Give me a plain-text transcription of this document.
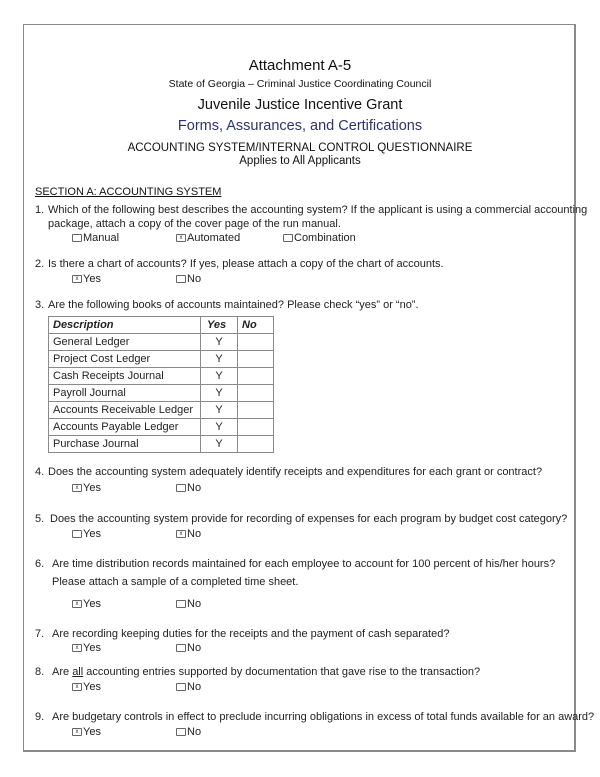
Attachment A-5
State of Georgia – Criminal Justice Coordinating Council
Juvenile Justice Incentive Grant
Forms, Assurances, and Certifications
ACCOUNTING SYSTEM/INTERNAL CONTROL QUESTIONNAIRE
Applies to All Applicants
SECTION A: ACCOUNTING SYSTEM
1. Which of the following best describes the accounting system? If the applicant is using a commercial accounting
package, attach a copy of the cover page of the run manual.
Manual	x Automated	Combination
2. Is there a chart of accounts? If yes, please attach a copy of the chart of accounts.
x Yes	No
3. Are the following books of accounts maintained? Please check “yes” or “no”.
Description	Yes	No
General Ledger	Y	
Project Cost Ledger	Y	
Cash Receipts Journal	Y	
Payroll Journal	Y	
Accounts Receivable Ledger	Y	
Accounts Payable Ledger	Y	
Purchase Journal	Y	
4. Does the accounting system adequately identify receipts and expenditures for each grant or contract?
x Yes	No
5. Does the accounting system provide for recording of expenses for each program by budget cost category?
Yes	x No
6. Are time distribution records maintained for each employee to account for 100 percent of his/her hours?
Please attach a sample of a completed time sheet.
x Yes	No
7. Are recording keeping duties for the receipts and the payment of cash separated?
x Yes	No
8. Are all accounting entries supported by documentation that gave rise to the transaction?
x Yes	No
9. Are budgetary controls in effect to preclude incurring obligations in excess of total funds available for an award?
x Yes	No
